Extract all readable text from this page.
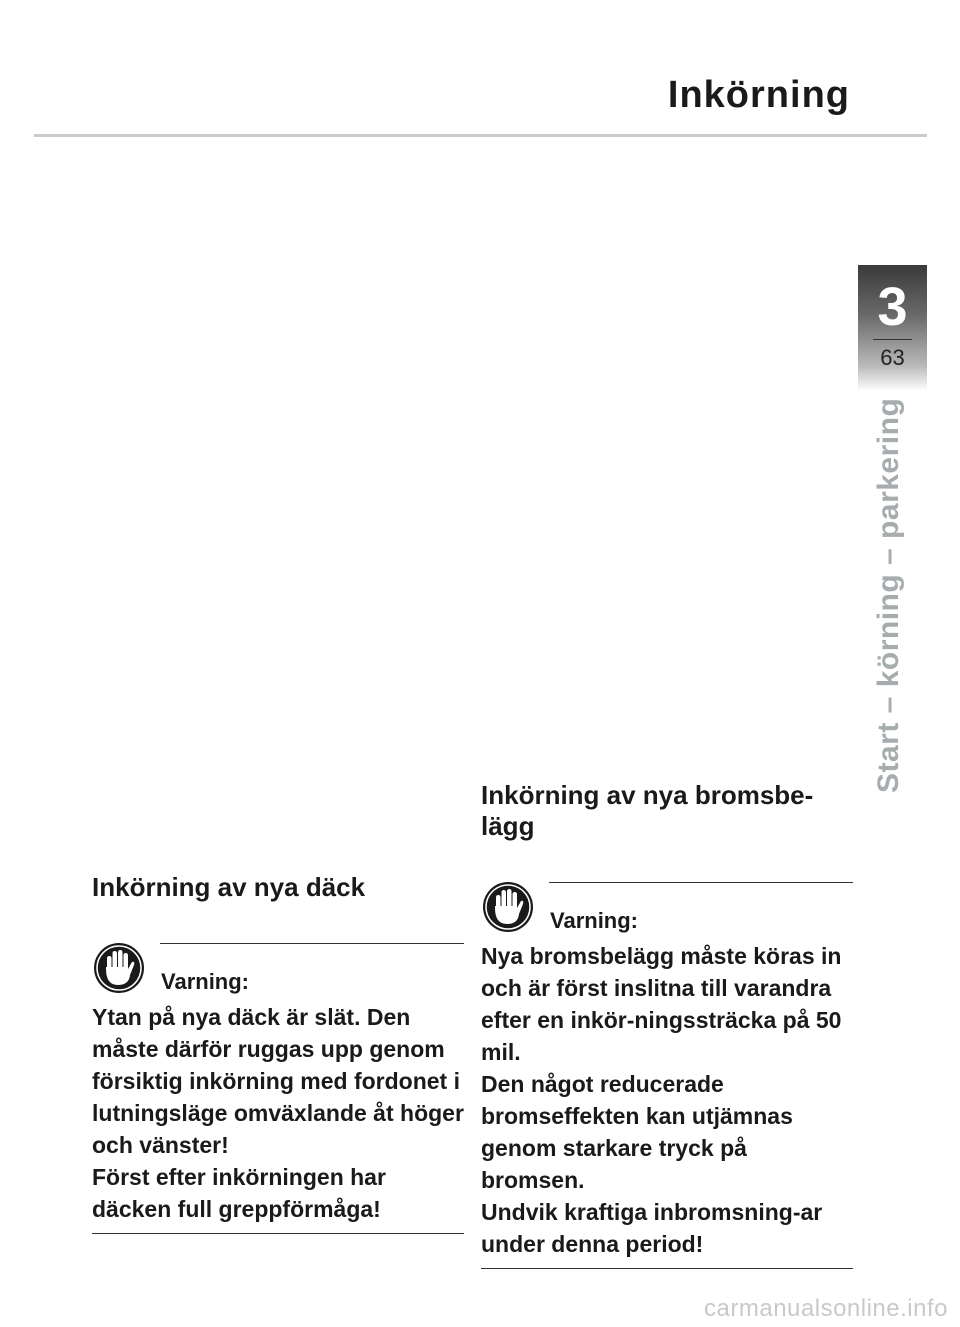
Inkörning
3
63
Start – körning – parkering
Inkörning av nya däck
Varning:

Ytan på nya däck är slät. Den måste därför ruggas upp genom försiktig inkörning med fordonet i lutningsläge omväxlande åt höger och vänster!

Först efter inkörningen har däcken full greppförmåga!

Inkörning av nya bromsbe-lägg
Varning:

Nya bromsbelägg måste köras in och är först inslitna till varandra efter en inkör-ningssträcka på 50 mil.

Den något reducerade bromseffekten kan utjämnas genom starkare tryck på bromsen.

Undvik kraftiga inbromsning-ar under denna period!

carmanualsonline.info
